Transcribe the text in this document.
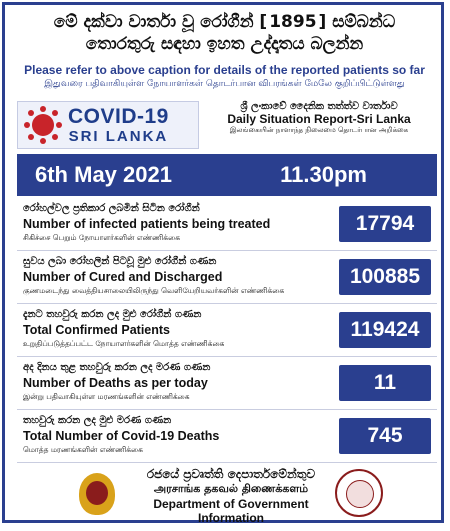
මේ දක්වා වාර්තා වූ රෝගීන් [ 1895 ] සම්බන්ධ
තොරතුරු සඳහා ඉහත උද්දෘතය බලන්න
Please refer to above caption for details of the reported patients so far
இதுவரை பதிவாகியுள்ள நோயாளர்கள் தொடர்பான விபரங்கள் மேலே குறிப்பிட்டுள்ளது
COVID-19
SRI LANKA
ශ්‍රී ලංකාවේ දෛනික තත්ත්ව වාර්තාව
Daily Situation Report-Sri Lanka
இலங்கையின் நாளாந்த நிலைமை தொடர்பான அறிக்கை
6th May 2021	11.30pm
රෝහල්වල ප්‍රතිකාර ලබමින් සිටින රෝගීන්
Number of infected patients being treated
சிகிச்சை பெறும் நோயாளர்களின் எண்ணிக்கை
17794
සුවය ලබා රෝහලින් පිටවූ මුළු රෝගීන් ගණන
Number of Cured and Discharged
குணமடைந்து வைத்தியசாலையிலிருந்து வெளியேறியவர்களின் எண்ணிக்கை
100885
දැනට තහවුරු කරන ලද මුළු රෝගීන් ගණන
Total Confirmed Patients
உறுதிப்படுத்தப்பட்ட நோயாளர்களின் மொத்த எண்ணிக்கை
119424
අද දිනය තුළ තහවුරු කරන ලද මරණ ගණන
Number of Deaths as per today
இன்று பதிவாகியுள்ள மரணங்களின் எண்ணிக்கை
11
තහවුරු කරන ලද මුළු මරණ ගණන
Total Number of Covid-19 Deaths
மொத்த மரணங்களின் எண்ணிக்கை
745
රජයේ ප්‍රවෘත්ති දෙපාර්තමේන්තුව
அரசாங்க தகவல் திணைக்களம்
Department of Government Information
